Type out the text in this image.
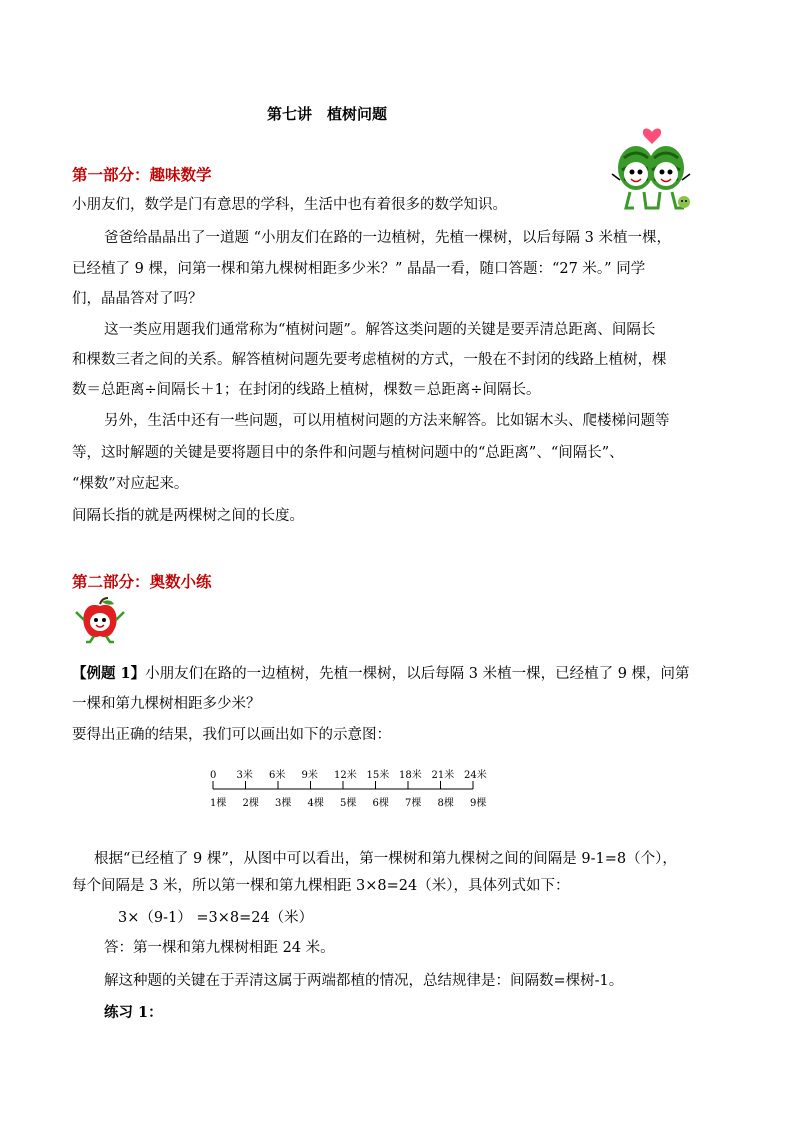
第七讲　植树问题
第一部分：趣味数学
小朋友们，数学是门有意思的学科，生活中也有着很多的数学知识。
爸爸给晶晶出了一道题 “小朋友们在路的一边植树，先植一棵树，以后每隔 3 米植一棵，
已经植了 9 棵，问第一棵和第九棵树相距多少米？” 晶晶一看，随口答题：“27 米。” 同学
们，晶晶答对了吗？
这一类应用题我们通常称为“植树问题”。解答这类问题的关键是要弄清总距离、间隔长
和棵数三者之间的关系。解答植树问题先要考虑植树的方式，一般在不封闭的线路上植树，棵
数＝总距离÷间隔长＋1；在封闭的线路上植树，棵数＝总距离÷间隔长。
另外，生活中还有一些问题，可以用植树问题的方法来解答。比如锯木头、爬楼梯问题等
等，这时解题的关键是要将题目中的条件和问题与植树问题中的“总距离”、“间隔长”、
“棵数”对应起来。
间隔长指的就是两棵树之间的长度。
第二部分：奥数小练
【例题 1】小朋友们在路的一边植树，先植一棵树，以后每隔 3 米植一棵，已经植了 9 棵，问第
一棵和第九棵树相距多少米？
要得出正确的结果，我们可以画出如下的示意图：
0
1棵
3米
2棵
6米
3棵
9米
4棵
12米
5棵
15米
6棵
18米
7棵
21米
8棵
24米
9棵
根据“已经植了 9 棵”，从图中可以看出，第一棵树和第九棵树之间的间隔是 9-1=8（个），
每个间隔是 3 米，所以第一棵和第九棵相距 3×8=24（米），具体列式如下：
3×（9-1） =3×8=24（米）
答：第一棵和第九棵树相距 24 米。
解这种题的关键在于弄清这属于两端都植的情况，总结规律是：间隔数=棵树-1。
练习 1：
